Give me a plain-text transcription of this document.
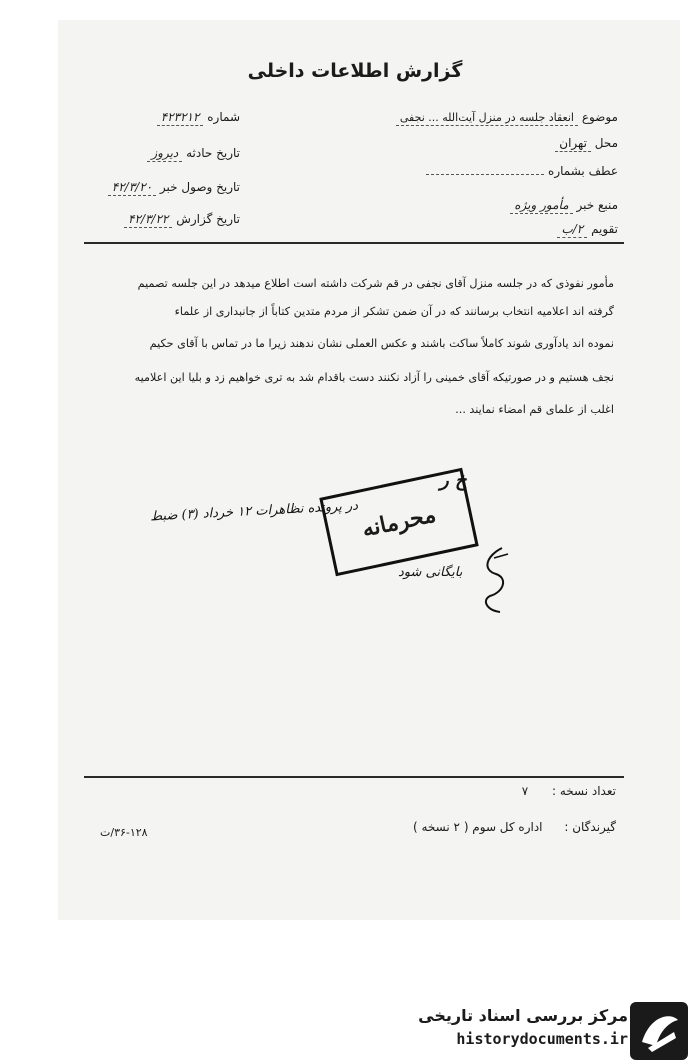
گزارش اطلاعات داخلی
شماره ۴۲۳۲۱۲
تاریخ حادثه دیروز
تاریخ وصول خبر ۴۲/۳/۲۰
تاریخ گزارش ۴۲/۳/۲۲
موضوع انعقاد جلسه در منزل آیت‌الله ... نجفی
محل تهران
عطف بشماره
منبع خبر مأمور ویژه
تقویم ۲/ب
مأمور نفوذی که در جلسه منزل آقای نجفی در قم شرکت داشته است اطلاع میدهد در این جلسه تصمیم
گرفته اند اعلامیه انتخاب برسانند که در آن ضمن تشکر از مردم متدین کتاباً از جانبداری از علماء
نموده اند یادآوری شوند کاملاً ساکت باشند و عکس العملی نشان ندهند زیرا ما در تماس با آقای حکیم
نجف هستیم و در صورتیکه آقای خمینی را آزاد نکنند دست باقدام شد به تری خواهیم زد و بلیا این اعلامیه
اغلب از علمای قم امضاء نمایند ...
در پرونده نظاهرات ۱۲ خرداد (۳) ضبط
بایگانی شود
محرمانه
خ ر
تعداد نسخه : ۷
گیرندگان : اداره کل سوم ( ۲ نسخه )
۳۶-۱۲۸/ت
مرکز بررسی اسناد تاریخی
historydocuments.ir
